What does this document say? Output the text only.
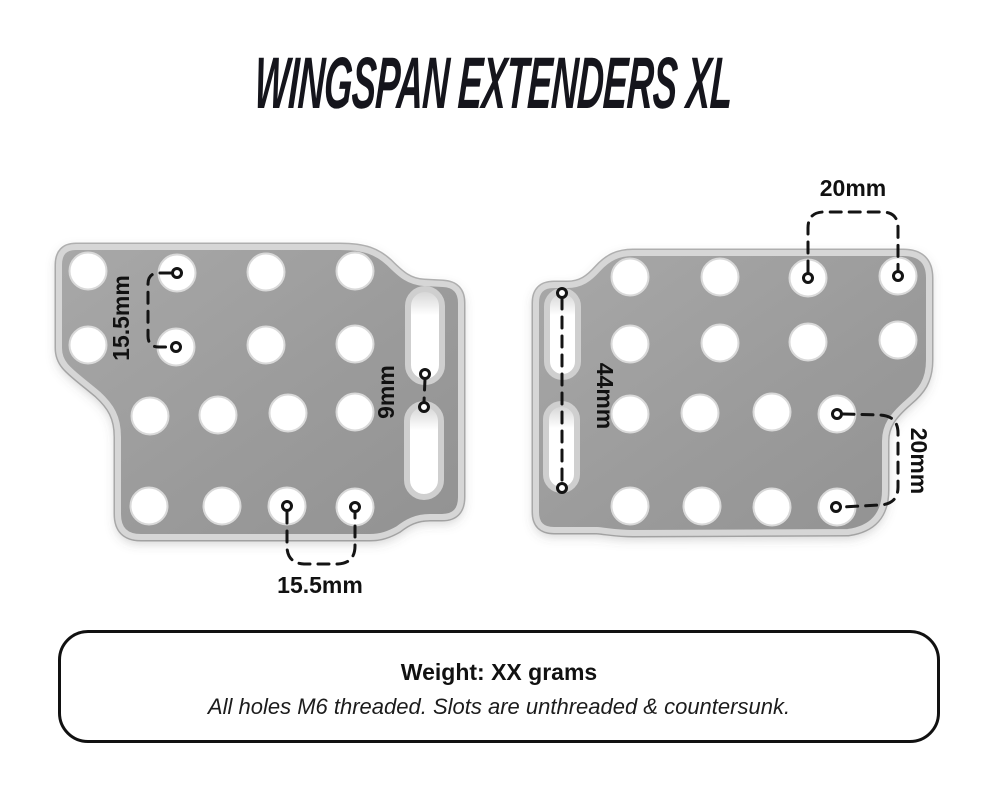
WINGSPAN EXTENDERS XL
15.5mm
9mm
15.5mm
20mm
44mm
20mm
Weight: XX grams
All holes M6 threaded. Slots are unthreaded & countersunk.
